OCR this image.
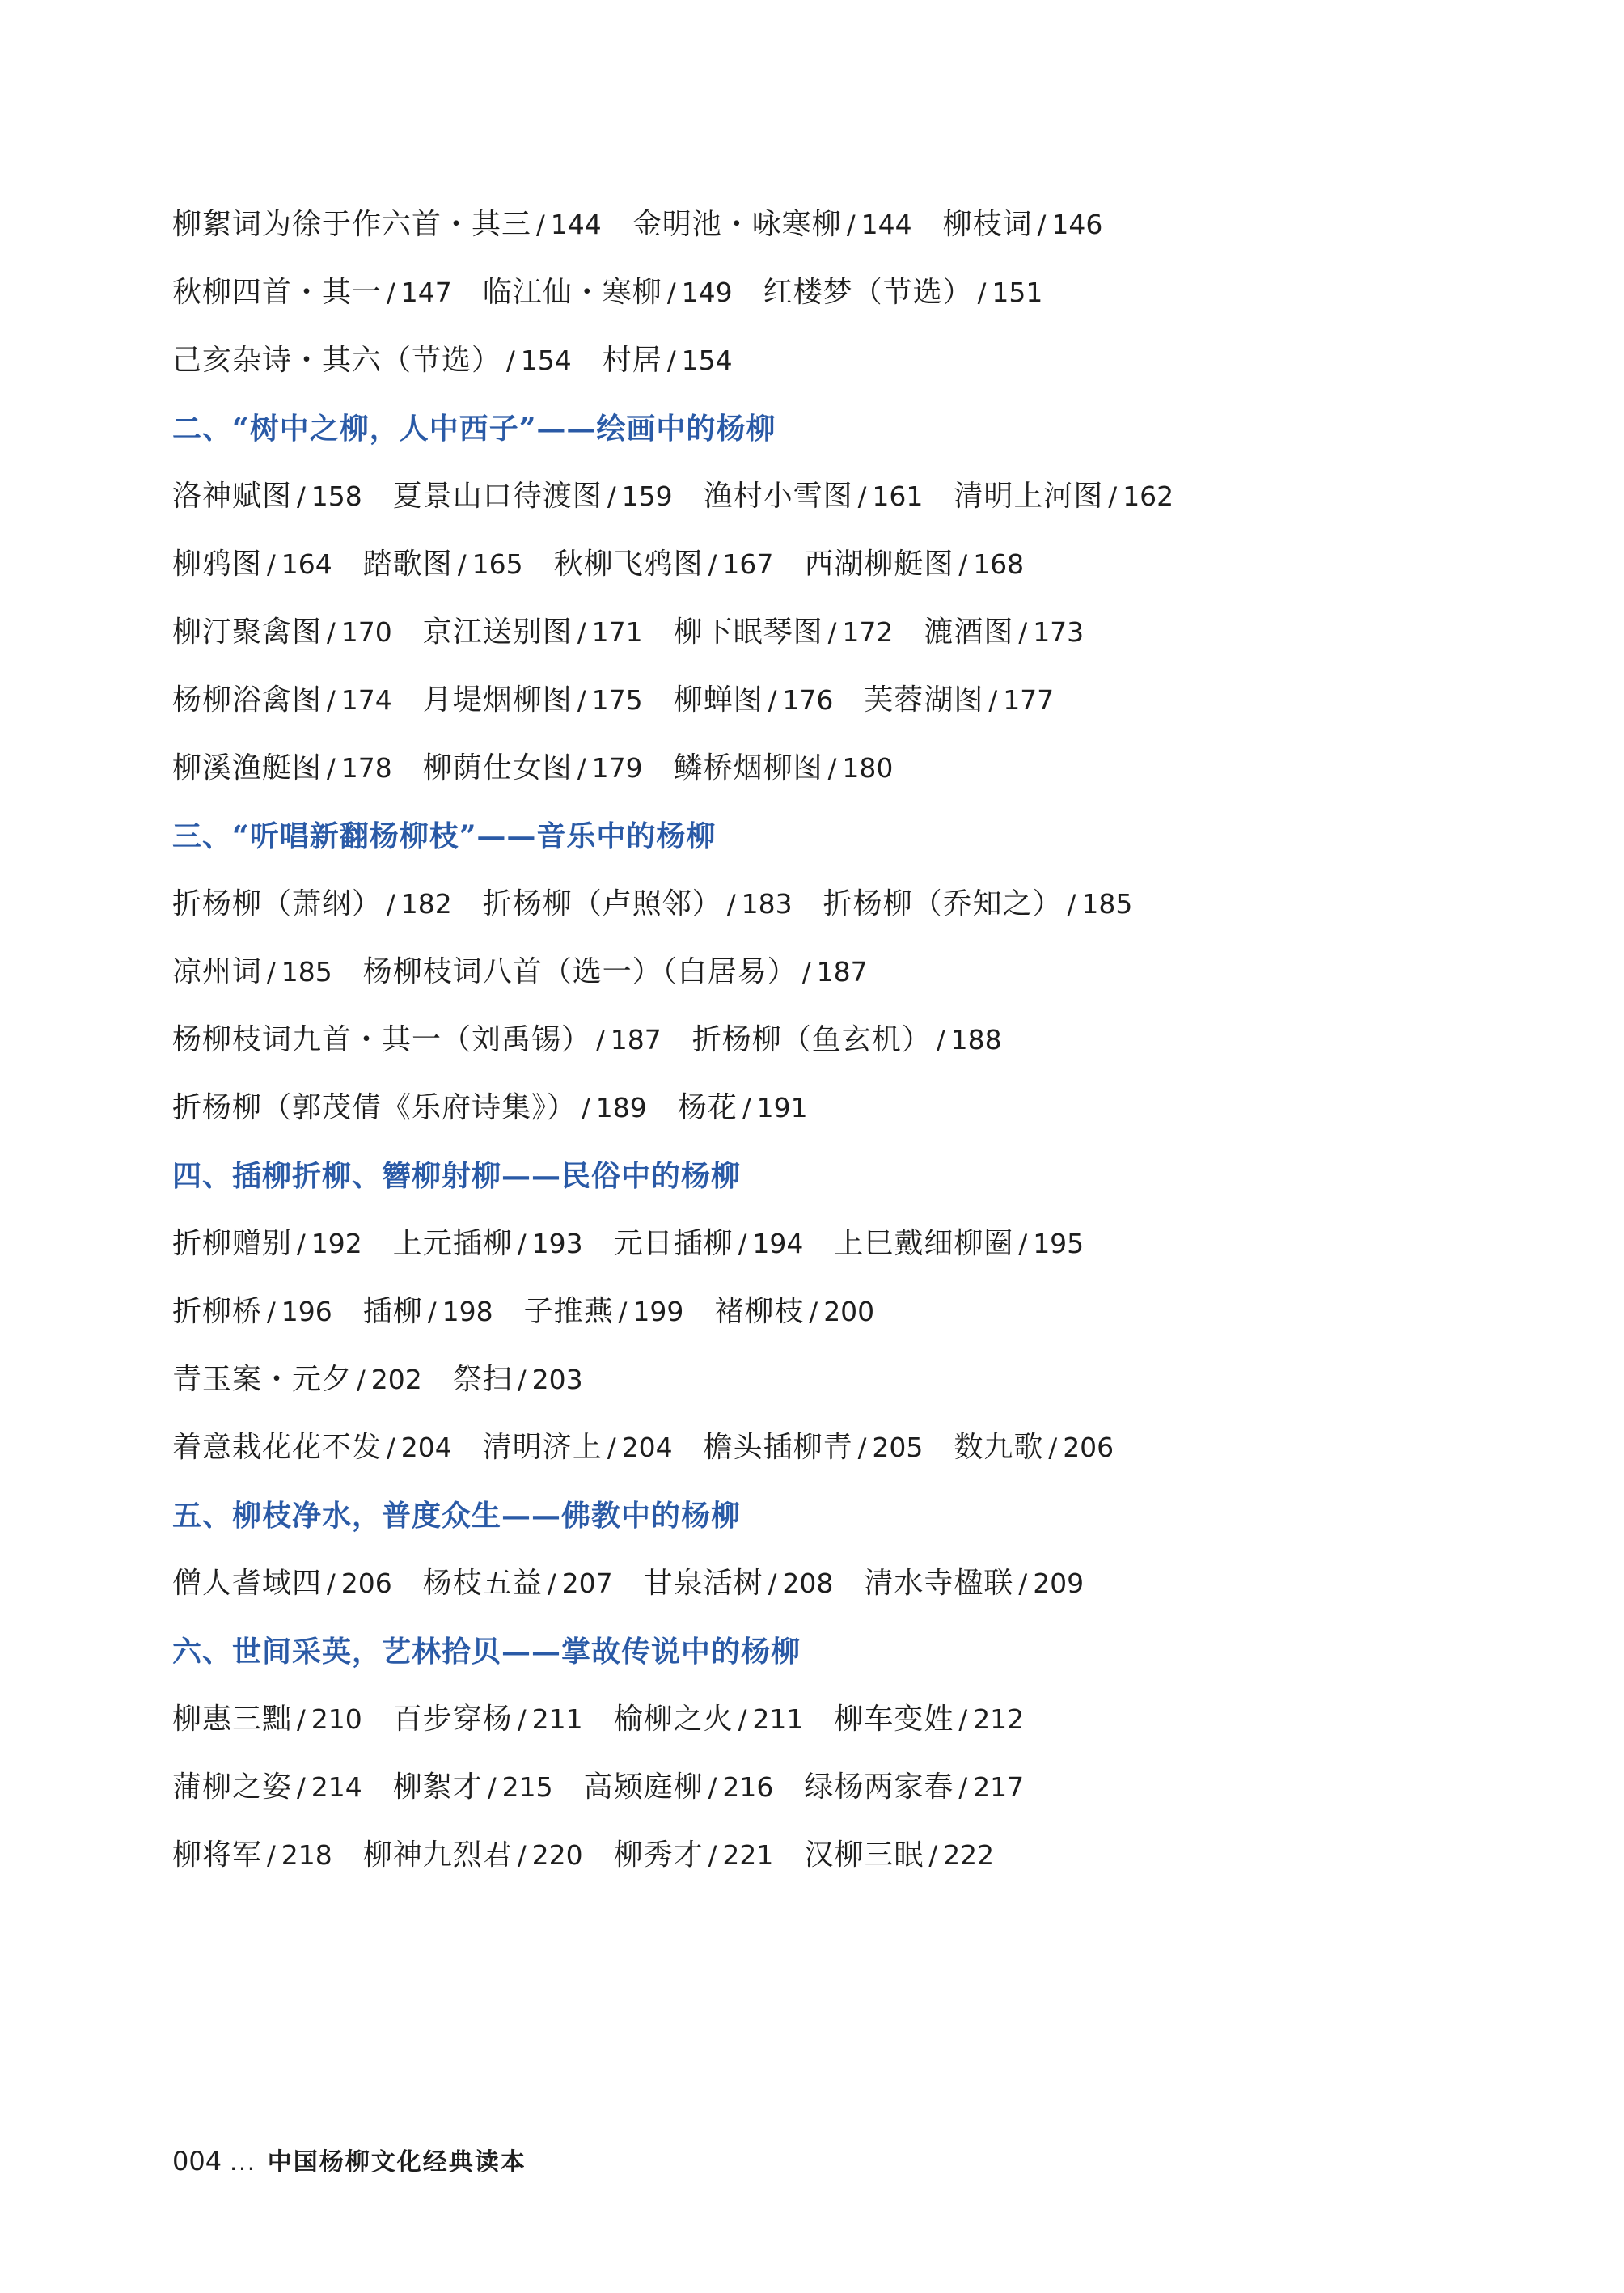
柳絮词为徐于作六首・其三 / 144 金明池・咏寒柳 / 144 柳枝词 / 146
秋柳四首・其一 / 147 临江仙・寒柳 / 149 红楼梦（节选） / 151
己亥杂诗・其六（节选） / 154 村居 / 154
二、“树中之柳，人中西子”——绘画中的杨柳
洛神赋图 / 158 夏景山口待渡图 / 159 渔村小雪图 / 161 清明上河图 / 162
柳鸦图 / 164 踏歌图 / 165 秋柳飞鸦图 / 167 西湖柳艇图 / 168
柳汀聚禽图 / 170 京江送别图 / 171 柳下眠琴图 / 172 漉酒图 / 173
杨柳浴禽图 / 174 月堤烟柳图 / 175 柳蝉图 / 176 芙蓉湖图 / 177
柳溪渔艇图 / 178 柳荫仕女图 / 179 鳞桥烟柳图 / 180
三、“听唱新翻杨柳枝”——音乐中的杨柳
折杨柳（萧纲） / 182 折杨柳（卢照邻） / 183 折杨柳（乔知之） / 185
凉州词 / 185 杨柳枝词八首（选一）（白居易） / 187
杨柳枝词九首・其一（刘禹锡） / 187 折杨柳（鱼玄机） / 188
折杨柳（郭茂倩《乐府诗集》） / 189 杨花 / 191
四、插柳折柳、簪柳射柳——民俗中的杨柳
折柳赠别 / 192 上元插柳 / 193 元日插柳 / 194 上巳戴细柳圈 / 195
折柳桥 / 196 插柳 / 198 子推燕 / 199 褚柳枝 / 200
青玉案・元夕 / 202 祭扫 / 203
着意栽花花不发 / 204 清明济上 / 204 檐头插柳青 / 205 数九歌 / 206
五、柳枝净水，普度众生——佛教中的杨柳
僧人耆域四 / 206 杨枝五益 / 207 甘泉活树 / 208 清水寺楹联 / 209
六、世间采英，艺林拾贝——掌故传说中的杨柳
柳惠三黜 / 210 百步穿杨 / 211 榆柳之火 / 211 柳车变姓 / 212
蒲柳之姿 / 214 柳絮才 / 215 高颎庭柳 / 216 绿杨两家春 / 217
柳将军 / 218 柳神九烈君 / 220 柳秀才 / 221 汉柳三眠 / 222
004 ... 中国杨柳文化经典读本
